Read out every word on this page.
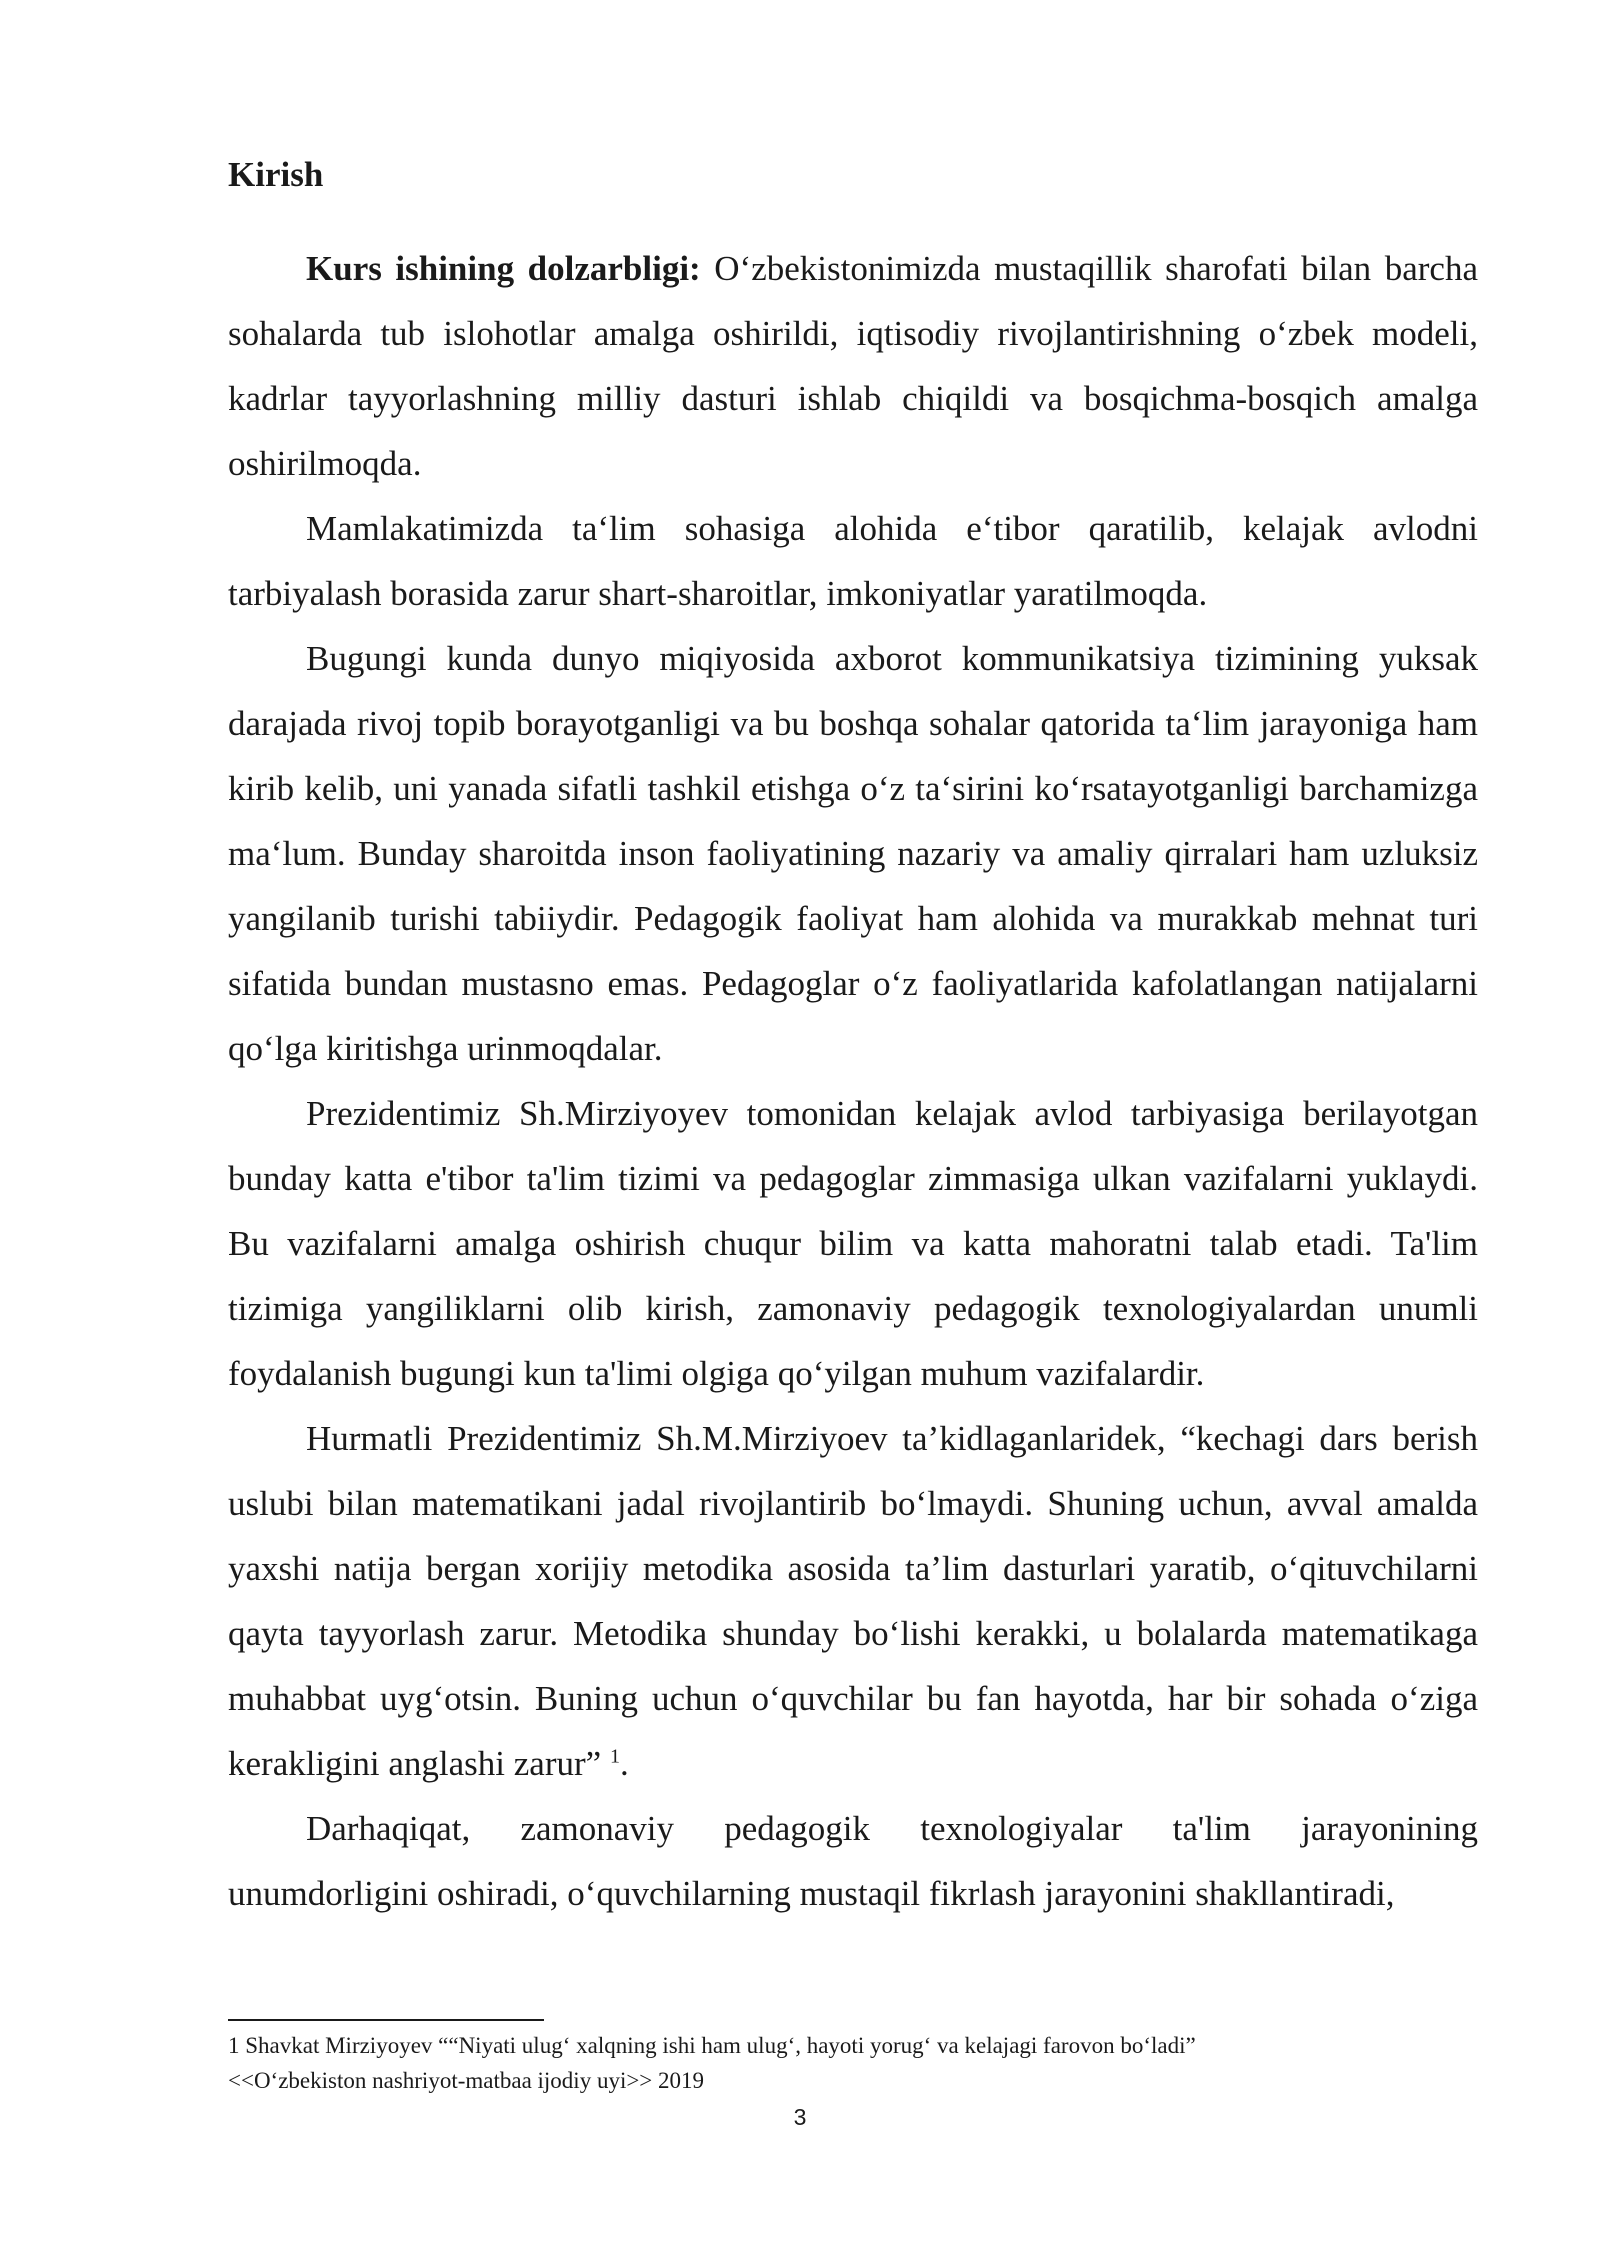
Kirish

Kurs ishining dolzarbligi: O‘zbekistonimizda mustaqillik sharofati bilan barcha sohalarda tub islohotlar amalga oshirildi, iqtisodiy rivojlantirishning o‘zbek modeli, kadrlar tayyorlashning milliy dasturi ishlab chiqildi va bosqichma-bosqich amalga oshirilmoqda.

Mamlakatimizda ta‘lim sohasiga alohida e‘tibor qaratilib, kelajak avlodni tarbiyalash borasida zarur shart-sharoitlar, imkoniyatlar yaratilmoqda.

Bugungi kunda dunyo miqiyosida axborot kommunikatsiya tizimining yuksak darajada rivoj topib borayotganligi va bu boshqa sohalar qatorida ta‘lim jarayoniga ham kirib kelib, uni yanada sifatli tashkil etishga o‘z ta‘sirini ko‘rsatayotganligi barchamizga ma‘lum. Bunday sharoitda inson faoliyatining nazariy va amaliy qirralari ham uzluksiz yangilanib turishi tabiiydir. Pedagogik faoliyat ham alohida va murakkab mehnat turi sifatida bundan mustasno emas. Pedagoglar o‘z faoliyatlarida kafolatlangan natijalarni qo‘lga kiritishga urinmoqdalar.

Prezidentimiz Sh.Mirziyoyev tomonidan kelajak avlod tarbiyasiga berilayotgan bunday katta e'tibor ta'lim tizimi va pedagoglar zimmasiga ulkan vazifalarni yuklaydi. Bu vazifalarni amalga oshirish chuqur bilim va katta mahoratni talab etadi. Ta'lim tizimiga yangiliklarni olib kirish, zamonaviy pedagogik texnologiyalardan unumli foydalanish bugungi kun ta'limi olgiga qo‘yilgan muhum vazifalardir.

Hurmatli Prezidentimiz Sh.M.Mirziyoev ta’kidlaganlaridek, “kechagi dars berish uslubi bilan matematikani jadal rivojlantirib bo‘lmaydi. Shuning uchun, avval amalda yaxshi natija bergan xorijiy metodika asosida ta’lim dasturlari yaratib, o‘qituvchilarni qayta tayyorlash zarur. Metodika shunday bo‘lishi kerakki, u bolalarda matematikaga muhabbat uyg‘otsin. Buning uchun o‘quvchilar bu fan hayotda, har bir sohada o‘ziga kerakligini anglashi zarur” $^1$.

Darhaqiqat, zamonaviy pedagogik texnologiyalar ta'lim jarayonining unumdorligini oshiradi, o‘quvchilarning mustaqil fikrlash jarayonini shakllantiradi,

1 Shavkat Mirziyoyev ““Niyati ulug‘ xalqning ishi ham ulug‘, hayoti yorug‘ va kelajagi farovon bo‘ladi”
<<O‘zbekiston nashriyot-matbaa ijodiy uyi>> 2019
3
